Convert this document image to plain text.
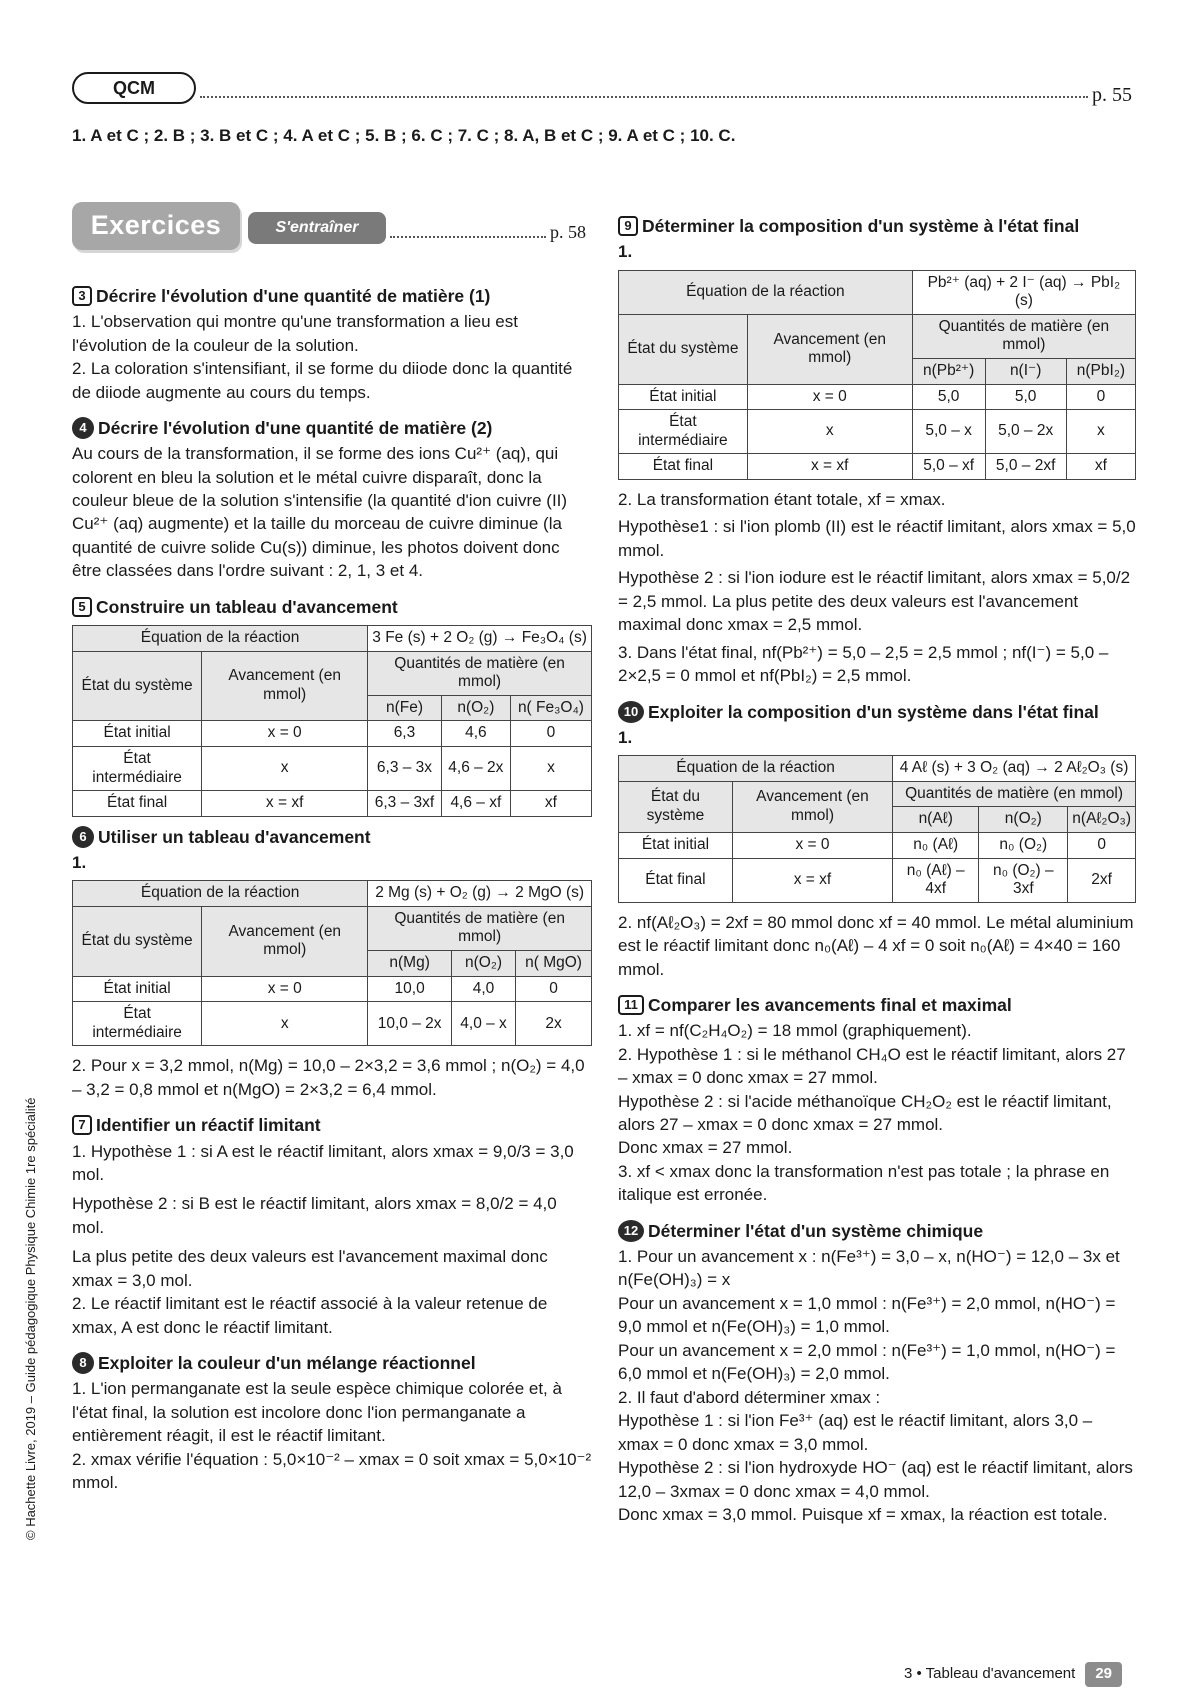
QCM	p. 55
1. A et C ; 2. B ; 3. B et C ; 4. A et C ; 5. B ; 6. C ; 7. C ; 8. A, B et C ; 9. A et C ; 10. C.
Exercices	S'entraîner	p. 58
3 Décrire l'évolution d'une quantité de matière (1)

1. L'observation qui montre qu'une transformation a lieu est l'évolution de la couleur de la solution.

2. La coloration s'intensifiant, il se forme du diiode donc la quantité de diiode augmente au cours du temps.

4 Décrire l'évolution d'une quantité de matière (2)

Au cours de la transformation, il se forme des ions Cu²⁺ (aq), qui colorent en bleu la solution et le métal cuivre disparaît, donc la couleur bleue de la solution s'intensifie (la quantité d'ion cuivre (II) Cu²⁺ (aq) augmente) et la taille du morceau de cuivre diminue (la quantité de cuivre solide Cu(s)) diminue, les photos doivent donc être classées dans l'ordre suivant : 2, 1, 3 et 4.

5 Construire un tableau d'avancement
Équation de la réaction		3 Fe (s) + 2 O₂ (g) → Fe₃O₄ (s)		
État du système	Avancement (en mmol)	Quantités de matière (en mmol)		
		n(Fe)	n(O₂)	n( Fe₃O₄)
État initial	x = 0	6,3	4,6	0
État intermédiaire	x	6,3 – 3x	4,6 – 2x	x
État final	x = xf	6,3 – 3xf	4,6 – xf	xf
6 Utiliser un tableau d'avancement

1.

Équation de la réaction		2 Mg (s) + O₂ (g) → 2 MgO (s)		
État du système	Avancement (en mmol)	Quantités de matière (en mmol)		
		n(Mg)	n(O₂)	n( MgO)
État initial	x = 0	10,0	4,0	0
État intermédiaire	x	10,0 – 2x	4,0 – x	2x

2. Pour x = 3,2 mmol, n(Mg) = 10,0 – 2×3,2 = 3,6 mmol ; n(O₂) = 4,0 – 3,2 = 0,8 mmol et n(MgO) = 2×3,2 = 6,4 mmol.

7 Identifier un réactif limitant

1. Hypothèse 1 : si A est le réactif limitant, alors xmax = 9,0/3 = 3,0 mol.

Hypothèse 2 : si B est le réactif limitant, alors xmax = 8,0/2 = 4,0 mol.

La plus petite des deux valeurs est l'avancement maximal donc xmax = 3,0 mol.

2. Le réactif limitant est le réactif associé à la valeur retenue de xmax, A est donc le réactif limitant.

8 Exploiter la couleur d'un mélange réactionnel

1. L'ion permanganate est la seule espèce chimique colorée et, à l'état final, la solution est incolore donc l'ion permanganate a entièrement réagit, il est le réactif limitant.

2. xmax vérifie l'équation : 5,0×10⁻² – xmax = 0 soit xmax = 5,0×10⁻² mmol.

9 Déterminer la composition d'un système à l'état final

1.

Équation de la réaction		Pb²⁺ (aq) + 2 I⁻ (aq) → PbI₂ (s)		
État du système	Avancement (en mmol)	Quantités de matière (en mmol)		
		n(Pb²⁺)	n(I⁻)	n(PbI₂)
État initial	x = 0	5,0	5,0	0
État intermédiaire	x	5,0 – x	5,0 – 2x	x
État final	x = xf	5,0 – xf	5,0 – 2xf	xf

2. La transformation étant totale, xf = xmax.

Hypothèse1 : si l'ion plomb (II) est le réactif limitant, alors xmax = 5,0 mmol.

Hypothèse 2 : si l'ion iodure est le réactif limitant, alors xmax = 5,0/2 = 2,5 mmol. La plus petite des deux valeurs est l'avancement maximal donc xmax = 2,5 mmol.

3. Dans l'état final, nf(Pb²⁺) = 5,0 – 2,5 = 2,5 mmol ; nf(I⁻) = 5,0 – 2×2,5 = 0 mmol et nf(PbI₂) = 2,5 mmol.

10 Exploiter la composition d'un système dans l'état final

1.

Équation de la réaction		4 Aℓ (s) + 3 O₂ (aq) → 2 Aℓ₂O₃ (s)		
État du système	Avancement (en mmol)	Quantités de matière (en mmol)		
		n(Aℓ)	n(O₂)	n(Aℓ₂O₃)
État initial	x = 0	n₀ (Aℓ)	n₀ (O₂)	0
État final	x = xf	n₀ (Aℓ) – 4xf	n₀ (O₂) – 3xf	2xf

2. nf(Aℓ₂O₃) = 2xf = 80 mmol donc xf = 40 mmol. Le métal aluminium est le réactif limitant donc n₀(Aℓ) – 4 xf = 0 soit n₀(Aℓ) = 4×40 = 160 mmol.

11 Comparer les avancements final et maximal

1. xf = nf(C₂H₄O₂) = 18 mmol (graphiquement).

2. Hypothèse 1 : si le méthanol CH₄O est le réactif limitant, alors 27 – xmax = 0 donc xmax = 27 mmol.

Hypothèse 2 : si l'acide méthanoïque CH₂O₂ est le réactif limitant, alors 27 – xmax = 0 donc xmax = 27 mmol.

Donc xmax = 27 mmol.

3. xf < xmax donc la transformation n'est pas totale ; la phrase en italique est erronée.

12 Déterminer l'état d'un système chimique

1. Pour un avancement x : n(Fe³⁺) = 3,0 – x, n(HO⁻) = 12,0 – 3x et n(Fe(OH)₃) = x

Pour un avancement x = 1,0 mmol : n(Fe³⁺) = 2,0 mmol, n(HO⁻) = 9,0 mmol et n(Fe(OH)₃) = 1,0 mmol.

Pour un avancement x = 2,0 mmol : n(Fe³⁺) = 1,0 mmol, n(HO⁻) = 6,0 mmol et n(Fe(OH)₃) = 2,0 mmol.

2. Il faut d'abord déterminer xmax :

Hypothèse 1 : si l'ion Fe³⁺ (aq) est le réactif limitant, alors 3,0 – xmax = 0 donc xmax = 3,0 mmol.

Hypothèse 2 : si l'ion hydroxyde HO⁻ (aq) est le réactif limitant, alors 12,0 – 3xmax = 0 donc xmax = 4,0 mmol.

Donc xmax = 3,0 mmol. Puisque xf = xmax, la réaction est totale.

© Hachette Livre, 2019 – Guide pédagogique Physique Chimie 1re spécialité
3 • Tableau d'avancement	29
